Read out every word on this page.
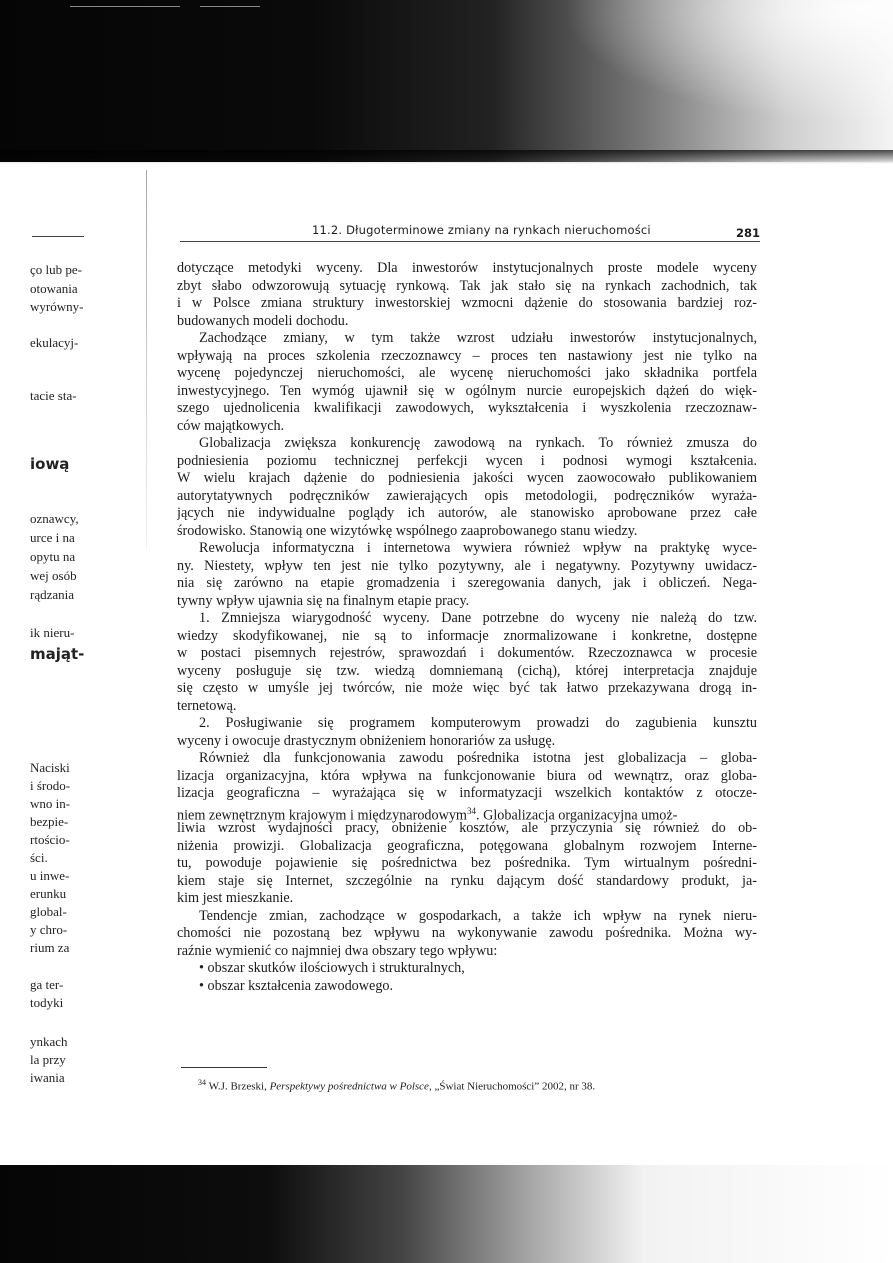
11.2. Długoterminowe zmiany na rynkach nieruchomości	281
dotyczące metodyki wyceny. Dla inwestorów instytucjonalnych proste modele wyceny
zbyt słabo odwzorowują sytuację rynkową. Tak jak stało się na rynkach zachodnich, tak
i w Polsce zmiana struktury inwestorskiej wzmocni dążenie do stosowania bardziej roz-
budowanych modeli dochodu.
Zachodzące zmiany, w tym także wzrost udziału inwestorów instytucjonalnych,
wpływają na proces szkolenia rzeczoznawcy – proces ten nastawiony jest nie tylko na
wycenę pojedynczej nieruchomości, ale wycenę nieruchomości jako składnika portfela
inwestycyjnego. Ten wymóg ujawnił się w ogólnym nurcie europejskich dążeń do więk-
szego ujednolicenia kwalifikacji zawodowych, wykształcenia i wyszkolenia rzeczoznaw-
ców majątkowych.
Globalizacja zwiększa konkurencję zawodową na rynkach. To również zmusza do
podniesienia poziomu technicznej perfekcji wycen i podnosi wymogi kształcenia.
W wielu krajach dążenie do podniesienia jakości wycen zaowocowało publikowaniem
autorytatywnych podręczników zawierających opis metodologii, podręczników wyraża-
jących nie indywidualne poglądy ich autorów, ale stanowisko aprobowane przez całe
środowisko. Stanowią one wizytówkę wspólnego zaaprobowanego stanu wiedzy.
Rewolucja informatyczna i internetowa wywiera również wpływ na praktykę wyce-
ny. Niestety, wpływ ten jest nie tylko pozytywny, ale i negatywny. Pozytywny uwidacz-
nia się zarówno na etapie gromadzenia i szeregowania danych, jak i obliczeń. Nega-
tywny wpływ ujawnia się na finalnym etapie pracy.
1. Zmniejsza wiarygodność wyceny. Dane potrzebne do wyceny nie należą do tzw.
wiedzy skodyfikowanej, nie są to informacje znormalizowane i konkretne, dostępne
w postaci pisemnych rejestrów, sprawozdań i dokumentów. Rzeczoznawca w procesie
wyceny posługuje się tzw. wiedzą domniemaną (cichą), której interpretacja znajduje
się często w umyśle jej twórców, nie może więc być tak łatwo przekazywana drogą in-
ternetową.
2. Posługiwanie się programem komputerowym prowadzi do zagubienia kunsztu
wyceny i owocuje drastycznym obniżeniem honorariów za usługę.
Również dla funkcjonowania zawodu pośrednika istotna jest globalizacja – globa-
lizacja organizacyjna, która wpływa na funkcjonowanie biura od wewnątrz, oraz globa-
lizacja geograficzna – wyrażająca się w informatyzacji wszelkich kontaktów z otocze-
niem zewnętrznym krajowym i międzynarodowym$^{34}$. Globalizacja organizacyjna umoż-
liwia wzrost wydajności pracy, obniżenie kosztów, ale przyczynia się również do ob-
niżenia prowizji. Globalizacja geograficzna, potęgowana globalnym rozwojem Interne-
tu, powoduje pojawienie się pośrednictwa bez pośrednika. Tym wirtualnym pośredni-
kiem staje się Internet, szczególnie na rynku dającym dość standardowy produkt, ja-
kim jest mieszkanie.
Tendencje zmian, zachodzące w gospodarkach, a także ich wpływ na rynek nieru-
chomości nie pozostaną bez wpływu na wykonywanie zawodu pośrednika. Można wy-
raźnie wymienić co najmniej dwa obszary tego wpływu:
• obszar skutków ilościowych i strukturalnych,
• obszar kształcenia zawodowego.
$^{34}$ W.J. Brzeski, Perspektywy pośrednictwa w Polsce, „Świat Nieruchomości” 2002, nr 38.
ço lub pe-
otowania
wyrówny-
ekulacyj-
tacie sta-
iową
oznawcy,
urce i na
opytu na
wej osób
rądzania
ik nieru-
mająt-
Naciski
i środo-
wno in-
bezpie-
rtościo-
ści.
u inwe-
erunku
global-
y chro-
rium za
ga ter-
todyki
ynkach
la przy
iwania
